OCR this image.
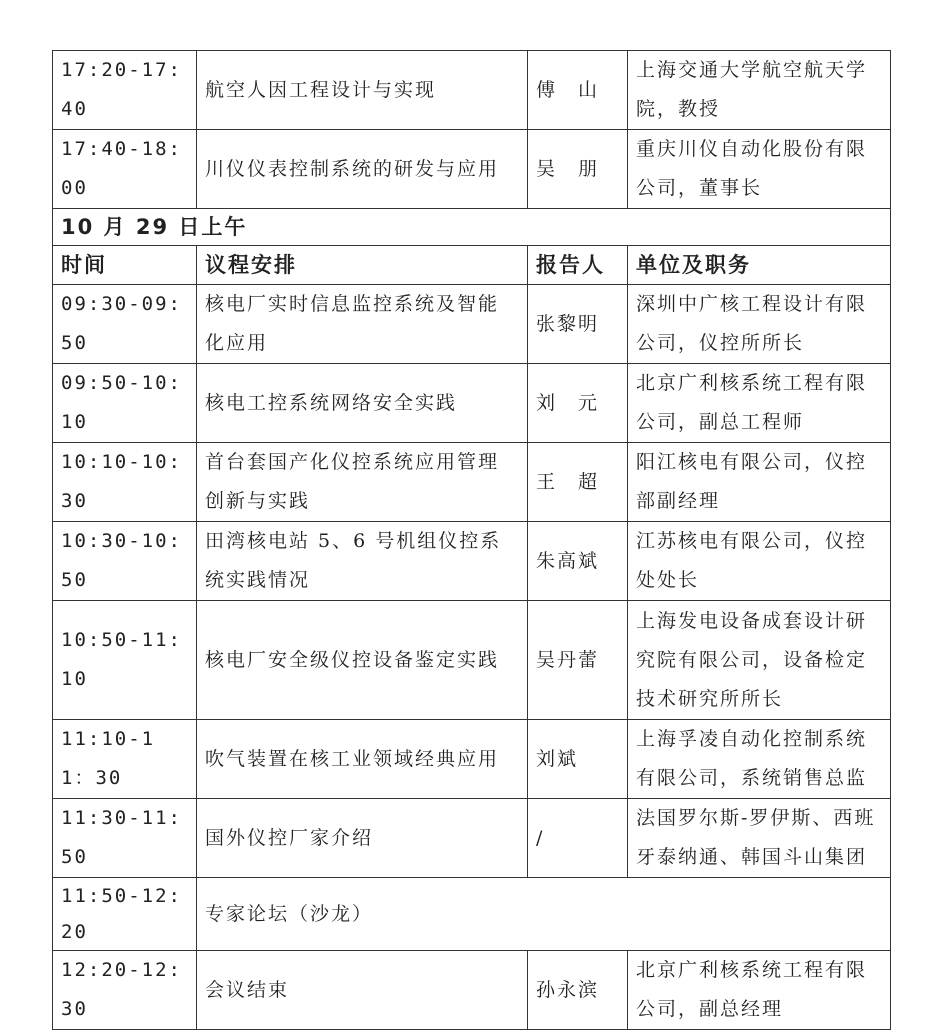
17:20-17:40	航空人因工程设计与实现	傅　山	上海交通大学航空航天学院，教授
17:40-18:00	川仪仪表控制系统的研发与应用	吴　朋	重庆川仪自动化股份有限公司，董事长
10 月 29 日上午			
时间	议程安排	报告人	单位及职务
09:30-09:50	核电厂实时信息监控系统及智能化应用	张黎明	深圳中广核工程设计有限公司，仪控所所长
09:50-10:10	核电工控系统网络安全实践	刘　元	北京广利核系统工程有限公司，副总工程师
10:10-10:30	首台套国产化仪控系统应用管理创新与实践	王　超	阳江核电有限公司，仪控部副经理
10:30-10:50	田湾核电站 5、6 号机组仪控系统实践情况	朱高斌	江苏核电有限公司，仪控处处长
10:50-11:10	核电厂安全级仪控设备鉴定实践	吴丹蕾	上海发电设备成套设计研究院有限公司，设备检定技术研究所所长
11:10-11：30	吹气装置在核工业领域经典应用	刘斌	上海孚凌自动化控制系统有限公司，系统销售总监
11:30-11:50	国外仪控厂家介绍	/	法国罗尔斯-罗伊斯、西班牙泰纳通、韩国斗山集团
11:50-12:20	专家论坛（沙龙）		
12:20-12:30	会议结束	孙永滨	北京广利核系统工程有限公司，副总经理
